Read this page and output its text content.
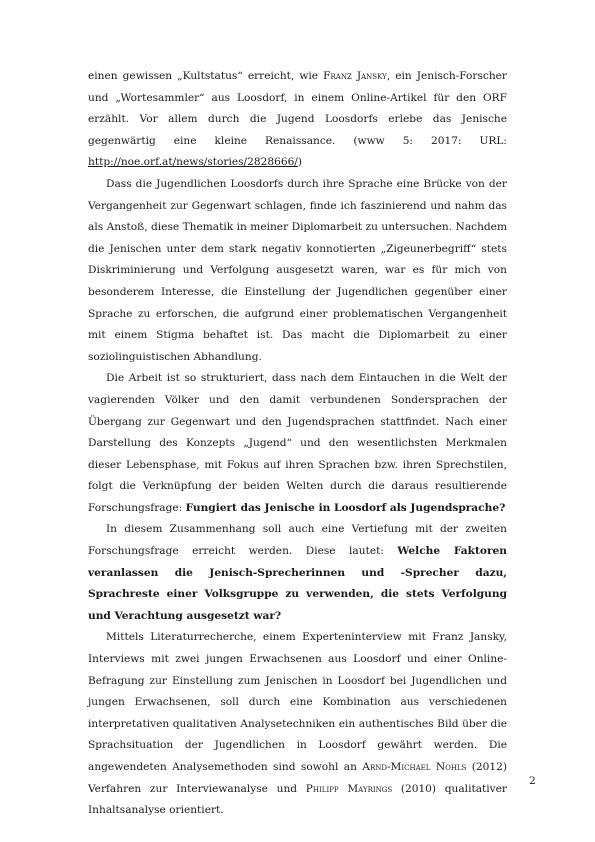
einen gewissen „Kultstatus“ erreicht, wie Franz Jansky, ein Jenisch-Forscher und „Wortesammler“ aus Loosdorf, in einem Online-Artikel für den ORF erzählt. Vor allem durch die Jugend Loosdorfs erlebe das Jenische gegenwärtig eine kleine Renaissance. (www 5: 2017: URL: http://noe.orf.at/news/stories/2828666/)

Dass die Jugendlichen Loosdorfs durch ihre Sprache eine Brücke von der Vergangenheit zur Gegenwart schlagen, finde ich faszinierend und nahm das als Anstoß, diese Thematik in meiner Diplomarbeit zu untersuchen. Nachdem die Jenischen unter dem stark negativ konnotierten „Zigeunerbegriff“ stets Diskriminierung und Verfolgung ausgesetzt waren, war es für mich von besonderem Interesse, die Einstellung der Jugendlichen gegenüber einer Sprache zu erforschen, die aufgrund einer problematischen Vergangenheit mit einem Stigma behaftet ist. Das macht die Diplomarbeit zu einer soziolinguistischen Abhandlung.

Die Arbeit ist so strukturiert, dass nach dem Eintauchen in die Welt der vagierenden Völker und den damit verbundenen Sondersprachen der Übergang zur Gegenwart und den Jugendsprachen stattfindet. Nach einer Darstellung des Konzepts „Jugend“ und den wesentlichsten Merkmalen dieser Lebensphase, mit Fokus auf ihren Sprachen bzw. ihren Sprechstilen, folgt die Verknüpfung der beiden Welten durch die daraus resultierende Forschungsfrage: Fungiert das Jenische in Loosdorf als Jugendsprache?

In diesem Zusammenhang soll auch eine Vertiefung mit der zweiten Forschungsfrage erreicht werden. Diese lautet: Welche Faktoren veranlassen die Jenisch-Sprecherinnen und -Sprecher dazu, Sprachreste einer Volksgruppe zu verwenden, die stets Verfolgung und Verachtung ausgesetzt war?

Mittels Literaturrecherche, einem Experteninterview mit Franz Jansky, Interviews mit zwei jungen Erwachsenen aus Loosdorf und einer Online-Befragung zur Einstellung zum Jenischen in Loosdorf bei Jugendlichen und jungen Erwachsenen, soll durch eine Kombination aus verschiedenen interpretativen qualitativen Analysetechniken ein authentisches Bild über die Sprachsituation der Jugendlichen in Loosdorf gewährt werden. Die angewendeten Analysemethoden sind sowohl an Arnd-Michael Nohls (2012) Verfahren zur Interviewanalyse und Philipp Mayrings (2010) qualitativer Inhaltsanalyse orientiert.

2
